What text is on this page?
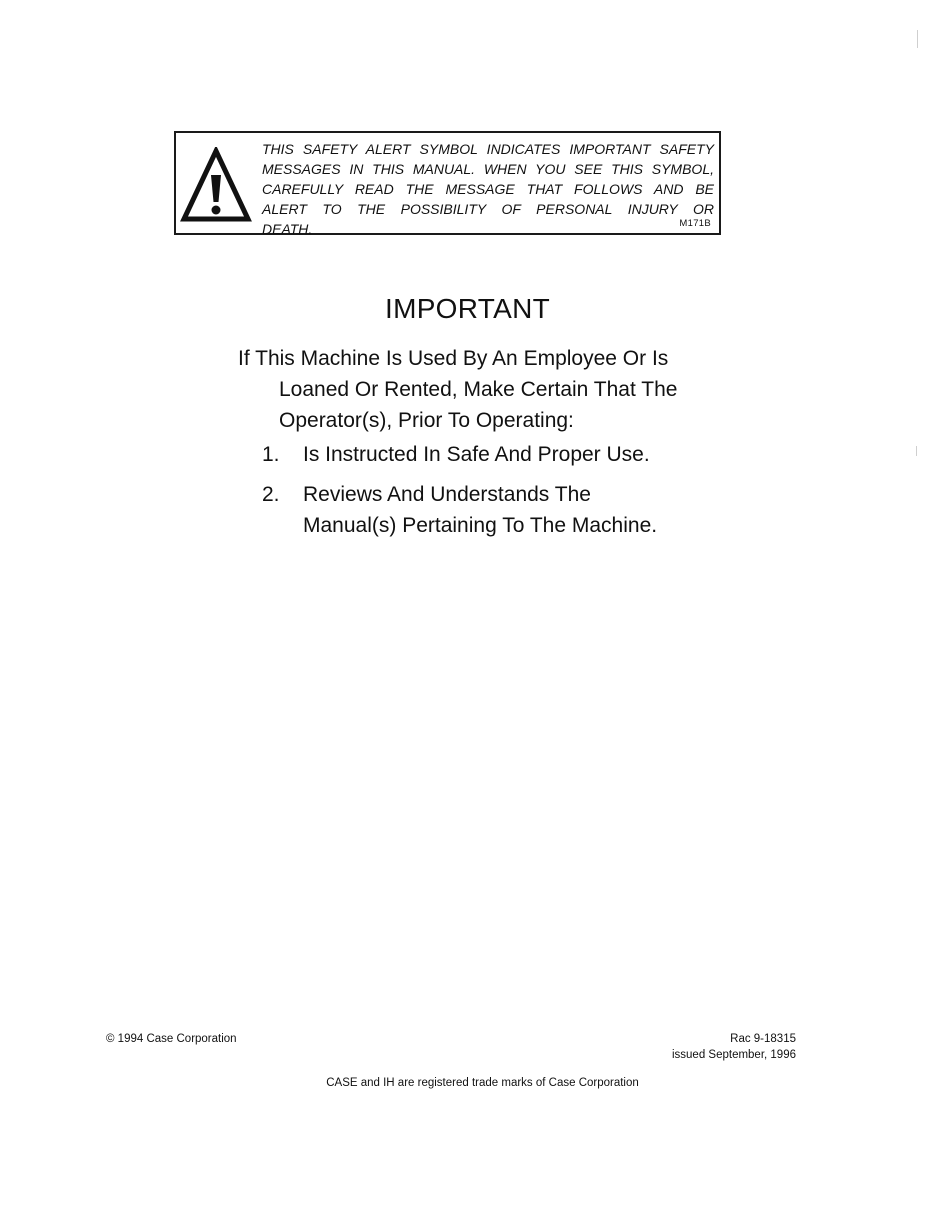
THIS SAFETY ALERT SYMBOL INDICATES IMPORTANT SAFETY
MESSAGES IN THIS MANUAL. WHEN YOU SEE THIS SYMBOL,
CAREFULLY READ THE MESSAGE THAT FOLLOWS AND BE
ALERT TO THE POSSIBILITY OF PERSONAL INJURY OR
DEATH.	M171B
IMPORTANT
If This Machine Is Used By An Employee Or Is
Loaned Or Rented, Make Certain That The
Operator(s), Prior To Operating:
1.	Is Instructed In Safe And Proper Use.
2.	Reviews And Understands The
Manual(s) Pertaining To The Machine.
© 1994 Case Corporation	Rac 9-18315
issued September, 1996
CASE and IH are registered trade marks of Case Corporation
